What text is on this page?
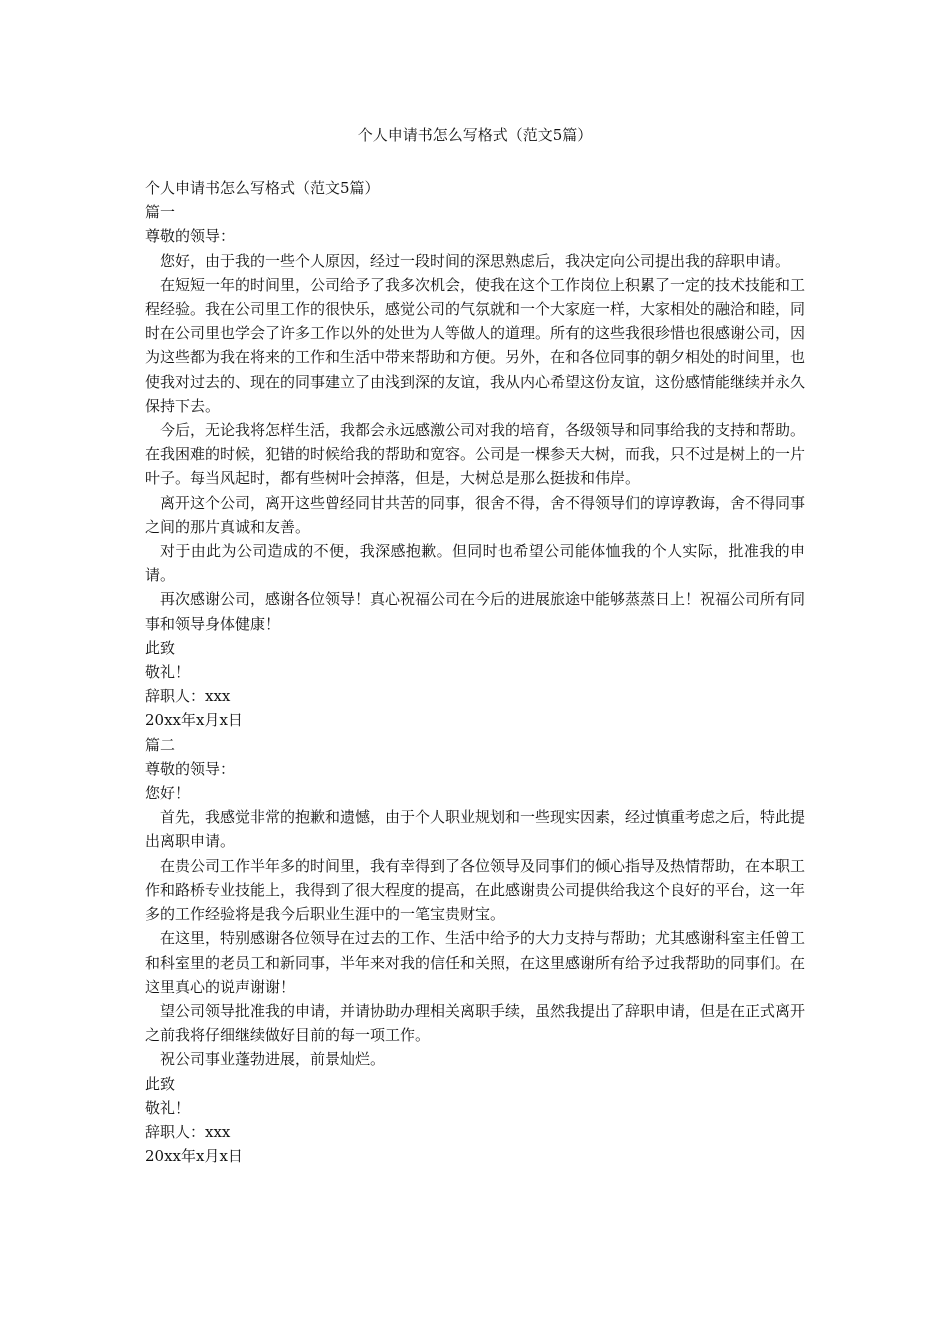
个人申请书怎么写格式（范文5篇）

个人申请书怎么写格式（范文5篇）

篇一

尊敬的领导：

您好，由于我的一些个人原因，经过一段时间的深思熟虑后，我决定向公司提出我的辞职申请。

在短短一年的时间里，公司给予了我多次机会，使我在这个工作岗位上积累了一定的技术技能和工程经验。我在公司里工作的很快乐，感觉公司的气氛就和一个大家庭一样，大家相处的融洽和睦，同时在公司里也学会了许多工作以外的处世为人等做人的道理。所有的这些我很珍惜也很感谢公司，因为这些都为我在将来的工作和生活中带来帮助和方便。另外，在和各位同事的朝夕相处的时间里，也使我对过去的、现在的同事建立了由浅到深的友谊，我从内心希望这份友谊，这份感情能继续并永久保持下去。

今后，无论我将怎样生活，我都会永远感激公司对我的培育，各级领导和同事给我的支持和帮助。在我困难的时候，犯错的时候给我的帮助和宽容。公司是一棵参天大树，而我，只不过是树上的一片叶子。每当风起时，都有些树叶会掉落，但是，大树总是那么挺拔和伟岸。

离开这个公司，离开这些曾经同甘共苦的同事，很舍不得，舍不得领导们的谆谆教诲，舍不得同事之间的那片真诚和友善。

对于由此为公司造成的不便，我深感抱歉。但同时也希望公司能体恤我的个人实际，批准我的申请。

再次感谢公司，感谢各位领导！真心祝福公司在今后的进展旅途中能够蒸蒸日上！祝福公司所有同事和领导身体健康！

此致

敬礼！

辞职人：xxx

20xx年x月x日

篇二

尊敬的领导：

您好！

首先，我感觉非常的抱歉和遗憾，由于个人职业规划和一些现实因素，经过慎重考虑之后，特此提出离职申请。

在贵公司工作半年多的时间里，我有幸得到了各位领导及同事们的倾心指导及热情帮助，在本职工作和路桥专业技能上，我得到了很大程度的提高，在此感谢贵公司提供给我这个良好的平台，这一年多的工作经验将是我今后职业生涯中的一笔宝贵财宝。

在这里，特别感谢各位领导在过去的工作、生活中给予的大力支持与帮助；尤其感谢科室主任曾工和科室里的老员工和新同事，半年来对我的信任和关照，在这里感谢所有给予过我帮助的同事们。在这里真心的说声谢谢！

望公司领导批准我的申请，并请协助办理相关离职手续，虽然我提出了辞职申请，但是在正式离开之前我将仔细继续做好目前的每一项工作。

祝公司事业蓬勃进展，前景灿烂。

此致

敬礼！

辞职人：xxx

20xx年x月x日
